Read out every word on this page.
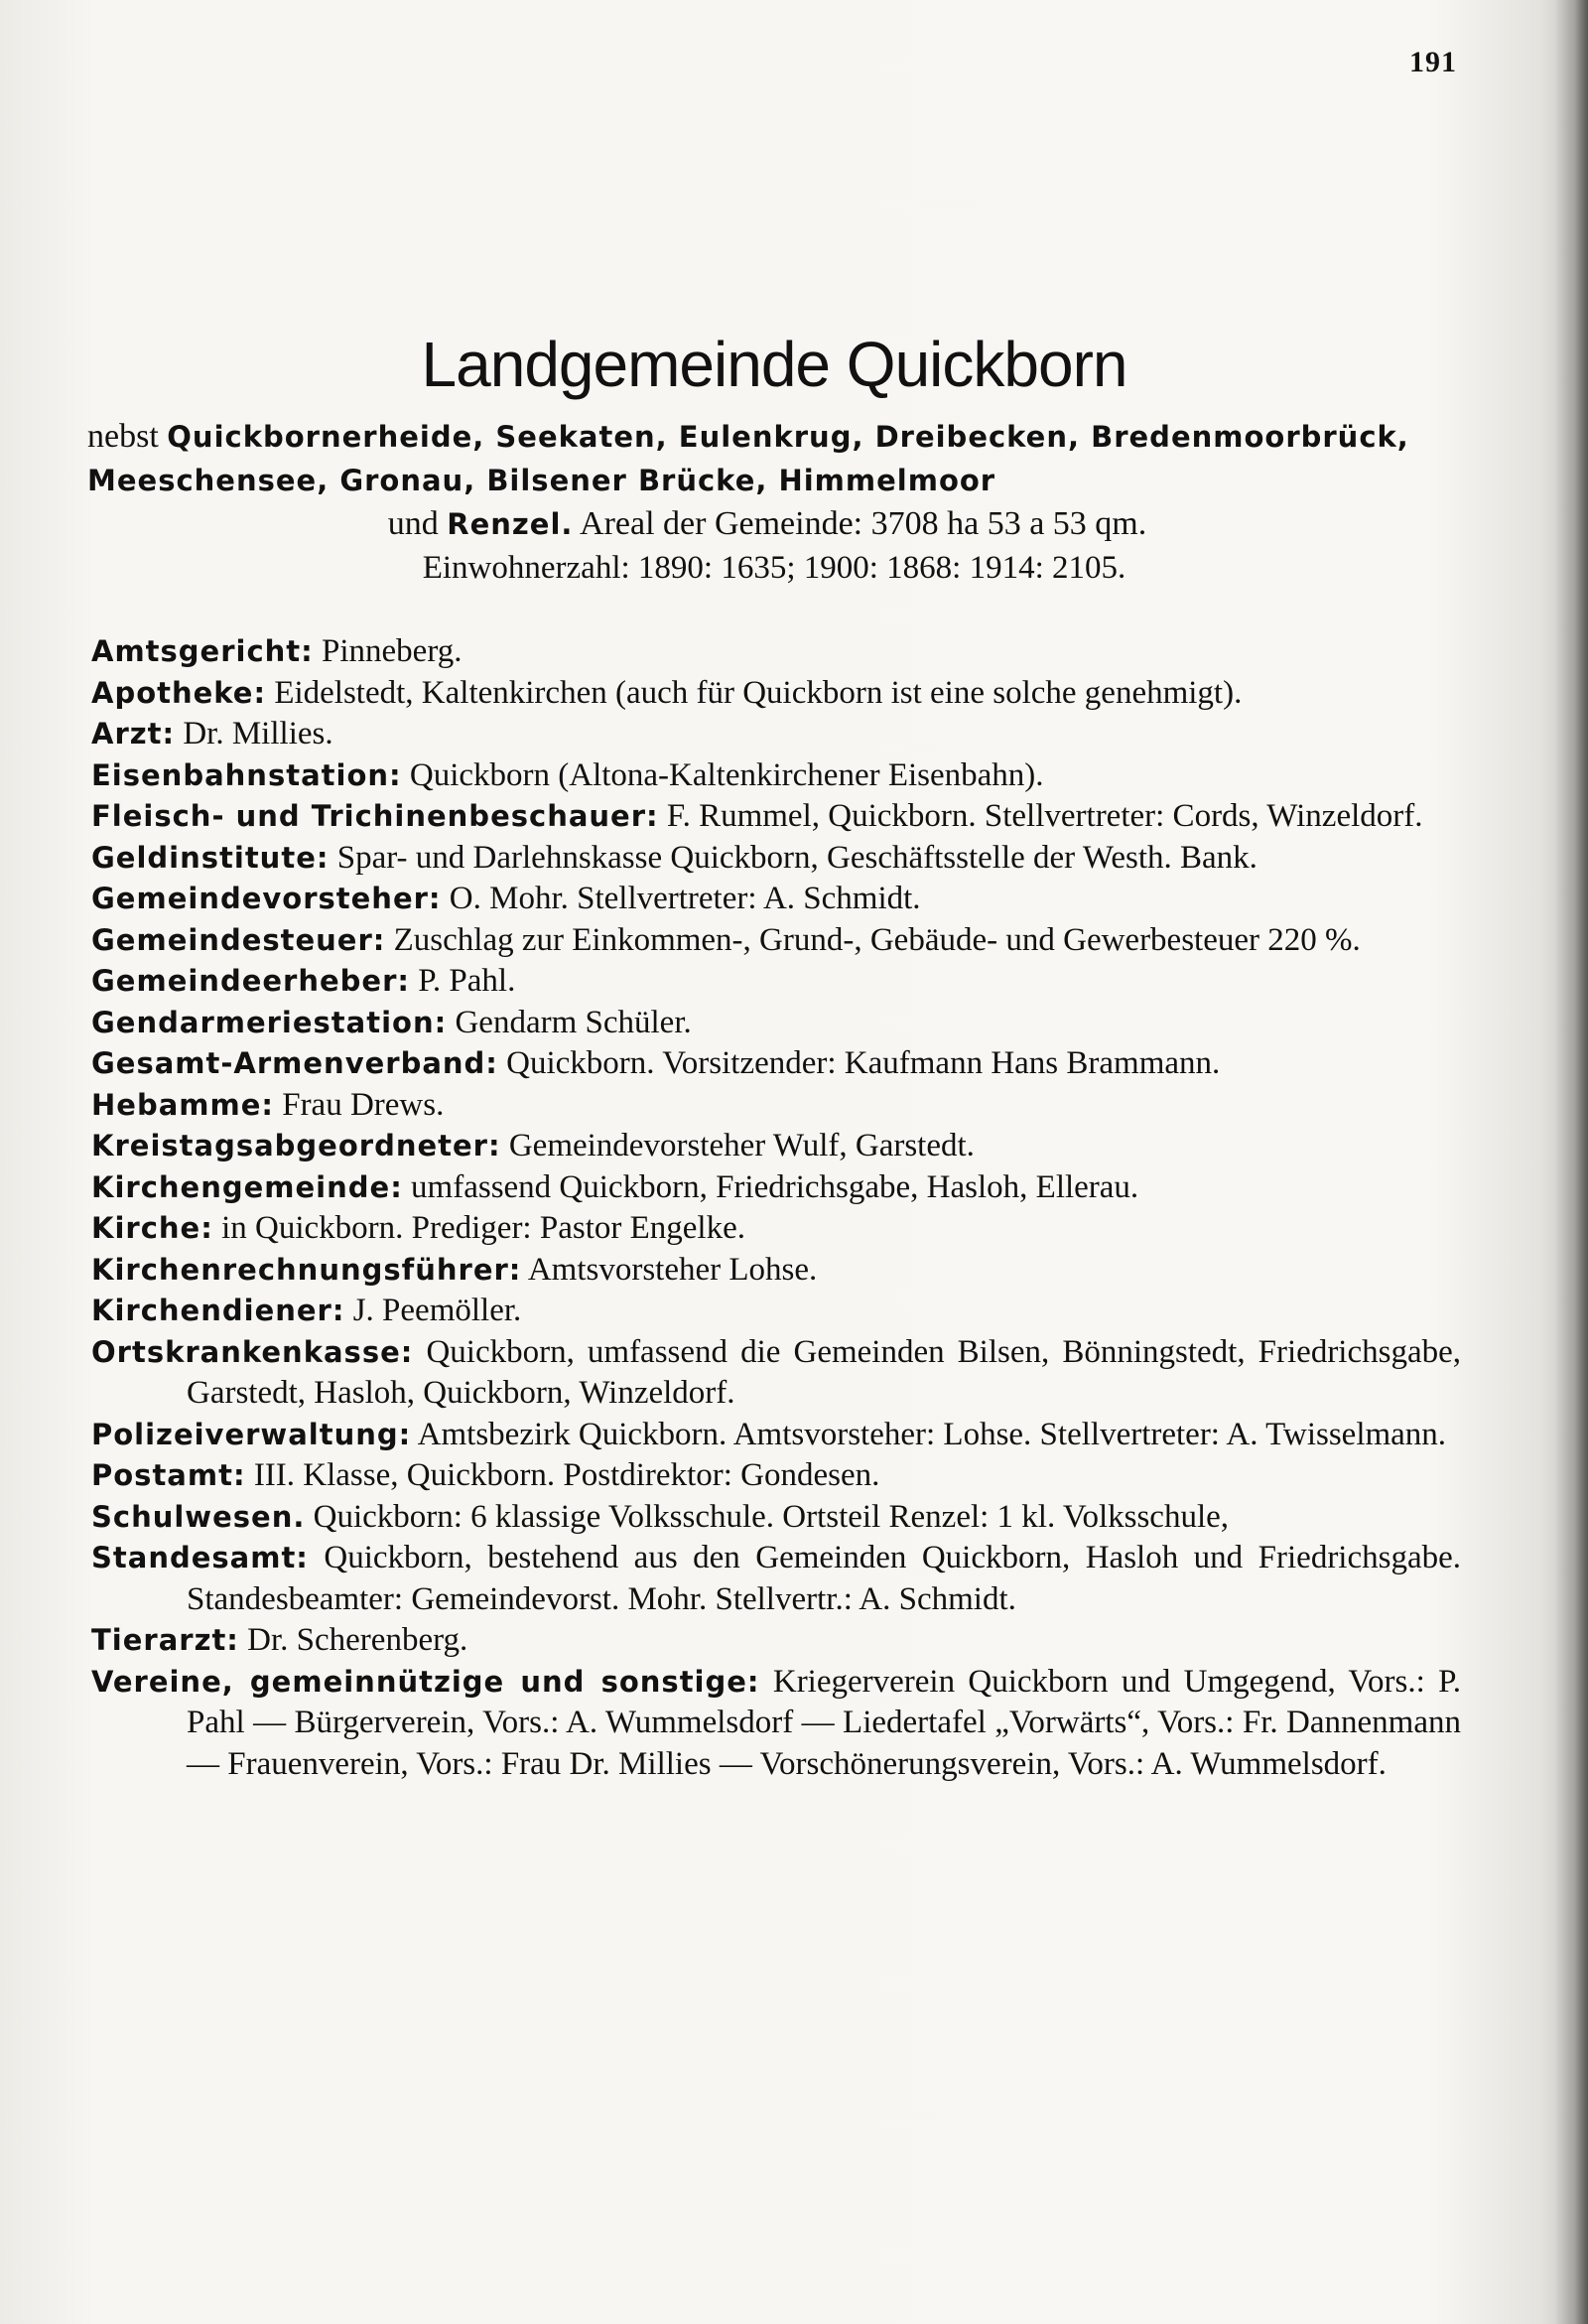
191
Landgemeinde Quickborn
nebst Quickbornerheide, Seekaten, Eulenkrug, Dreibecken, Bredenmoorbrück, Meeschensee, Gronau, Bilsener Brücke, Himmelmoor
und Renzel. Areal der Gemeinde: 3708 ha 53 a 53 qm.
Einwohnerzahl: 1890: 1635; 1900: 1868: 1914: 2105.

Amtsgericht: Pinneberg.

Apotheke: Eidelstedt, Kaltenkirchen (auch für Quickborn ist eine solche genehmigt).

Arzt: Dr. Millies.

Eisenbahnstation: Quickborn (Altona-Kaltenkirchener Eisenbahn).

Fleisch- und Trichinenbeschauer: F. Rummel, Quickborn. Stellvertreter: Cords, Winzeldorf.

Geldinstitute: Spar- und Darlehnskasse Quickborn, Geschäftsstelle der Westh. Bank.

Gemeindevorsteher: O. Mohr. Stellvertreter: A. Schmidt.

Gemeindesteuer: Zuschlag zur Einkommen-, Grund-, Gebäude- und Gewerbesteuer 220 %.

Gemeindeerheber: P. Pahl.

Gendarmeriestation: Gendarm Schüler.

Gesamt-Armenverband: Quickborn. Vorsitzender: Kaufmann Hans Brammann.

Hebamme: Frau Drews.

Kreistagsabgeordneter: Gemeindevorsteher Wulf, Garstedt.

Kirchengemeinde: umfassend Quickborn, Friedrichsgabe, Hasloh, Ellerau.

Kirche: in Quickborn. Prediger: Pastor Engelke.

Kirchenrechnungsführer: Amtsvorsteher Lohse.

Kirchendiener: J. Peemöller.

Ortskrankenkasse: Quickborn, umfassend die Gemeinden Bilsen, Bönningstedt, Friedrichsgabe, Garstedt, Hasloh, Quickborn, Winzeldorf.

Polizeiverwaltung: Amtsbezirk Quickborn. Amtsvorsteher: Lohse. Stellvertreter: A. Twisselmann.

Postamt: III. Klasse, Quickborn. Postdirektor: Gondesen.

Schulwesen. Quickborn: 6 klassige Volksschule. Ortsteil Renzel: 1 kl. Volksschule,

Standesamt: Quickborn, bestehend aus den Gemeinden Quickborn, Hasloh und Friedrichsgabe. Standesbeamter: Gemeindevorst. Mohr. Stellvertr.: A. Schmidt.

Tierarzt: Dr. Scherenberg.

Vereine, gemeinnützige und sonstige: Kriegerverein Quickborn und Umgegend, Vors.: P. Pahl — Bürgerverein, Vors.: A. Wummelsdorf — Liedertafel „Vorwärts“, Vors.: Fr. Dannenmann — Frauenverein, Vors.: Frau Dr. Millies — Vorschönerungsverein, Vors.: A. Wummelsdorf.
